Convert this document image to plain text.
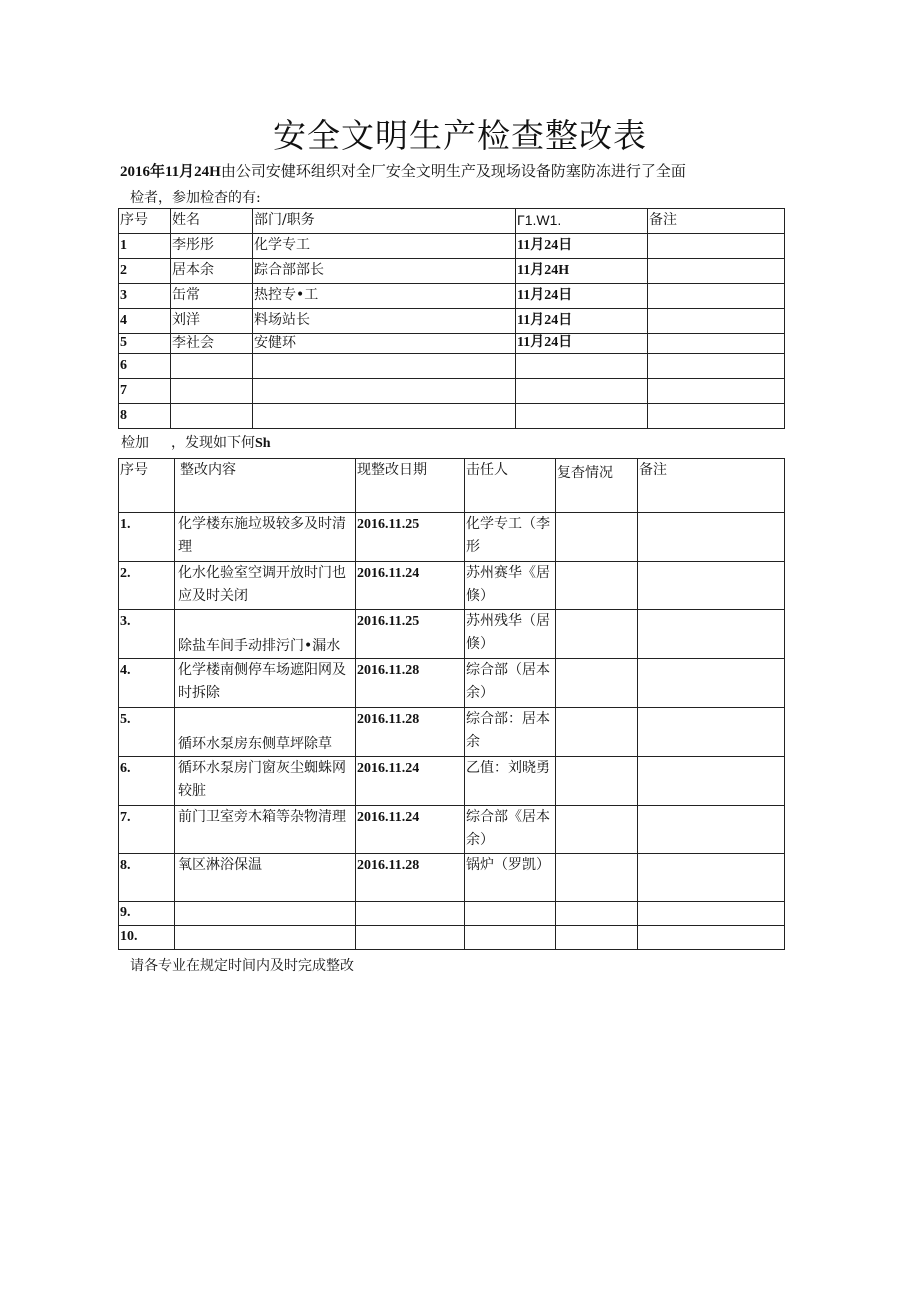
安全文明生产检查整改表
2016年11月24H由公司安健环组织对全厂安全文明生产及现场设备防塞防冻进行了全面
检者，参加检杳的有:
序号	姓名	部门/职务	Γ1.W1.	备注
1	李彤彤	化学专工	11月24日	
2	居本余	踪合部部长	11月24H	
3	缶常	热控专•工	11月24日	
4	刘洋	料场站长	11月24日	
5	李社会	安健环	11月24日	
6				
7				
8				
检加 ，发现如下何Sh
序号	整改内容	现整改日期	击任人	复杳情况	备注
1.	化学楼东施垃圾较多及时清理	2016.11.25	化学专工（李形		
2.	化水化验室空调开放时门也应及时关闭	2016.11.24	苏州赛华《居倏）		
3.	除盐车间手动排污门•漏水	2016.11.25	苏州残华（居倏）		
4.	化学楼南侧停车场遮阳网及时拆除	2016.11.28	综合部（居本余）		
5.	循环水泵房东侧草坪除草	2016.11.28	综合部：居本余		
6.	循环水泵房门窗灰尘蜘蛛网较脏	2016.11.24	乙值：刘晓勇		
7.	前门卫室旁木箱等杂物清理	2016.11.24	综合部《居本余）		
8.	氧区淋浴保温	2016.11.28	锅炉（罗凯）		
9.					
10.					
请各专业在规定时间内及时完成整改
